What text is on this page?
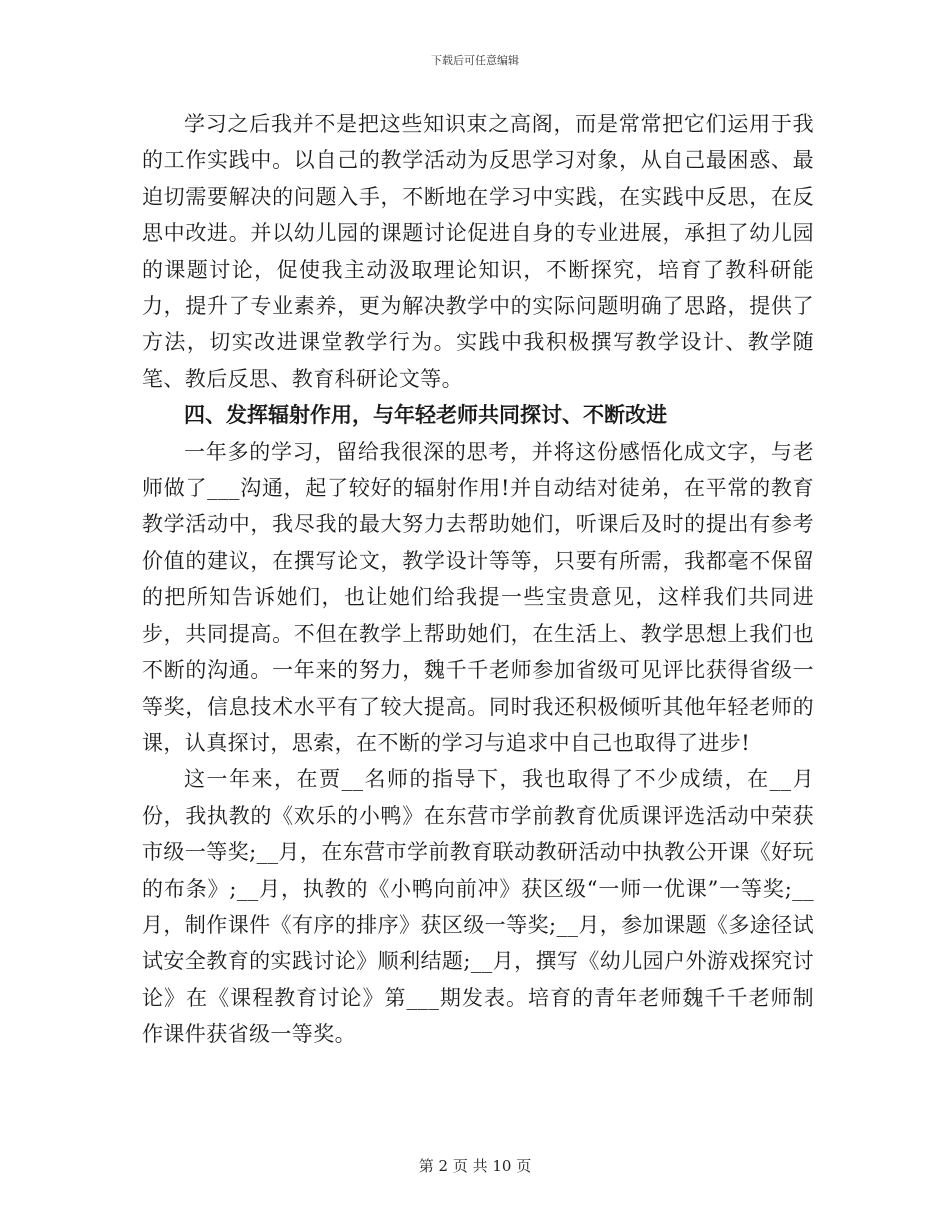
下载后可任意编辑

学习之后我并不是把这些知识束之高阁，而是常常把它们运用于我的工作实践中。以自己的教学活动为反思学习对象，从自己最困惑、最迫切需要解决的问题入手，不断地在学习中实践，在实践中反思，在反思中改进。并以幼儿园的课题讨论促进自身的专业进展，承担了幼儿园的课题讨论，促使我主动汲取理论知识，不断探究，培育了教科研能力，提升了专业素养，更为解决教学中的实际问题明确了思路，提供了方法，切实改进课堂教学行为。实践中我积极撰写教学设计、教学随笔、教后反思、教育科研论文等。

四、发挥辐射作用，与年轻老师共同探讨、不断改进

一年多的学习，留给我很深的思考，并将这份感悟化成文字，与老师做了___沟通，起了较好的辐射作用!并自动结对徒弟，在平常的教育教学活动中，我尽我的最大努力去帮助她们，听课后及时的提出有参考价值的建议，在撰写论文，教学设计等等，只要有所需，我都毫不保留的把所知告诉她们，也让她们给我提一些宝贵意见，这样我们共同进步，共同提高。不但在教学上帮助她们，在生活上、教学思想上我们也不断的沟通。一年来的努力，魏千千老师参加省级可见评比获得省级一等奖，信息技术水平有了较大提高。同时我还积极倾听其他年轻老师的课，认真探讨，思索，在不断的学习与追求中自己也取得了进步!

这一年来，在贾__名师的指导下，我也取得了不少成绩，在__月份，我执教的《欢乐的小鸭》在东营市学前教育优质课评选活动中荣获市级一等奖;__月，在东营市学前教育联动教研活动中执教公开课《好玩的布条》;__月，执教的《小鸭向前冲》获区级“一师一优课”一等奖;__月，制作课件《有序的排序》获区级一等奖;__月，参加课题《多途径试试安全教育的实践讨论》顺利结题;__月，撰写《幼儿园户外游戏探究讨论》在《课程教育讨论》第___期发表。培育的青年老师魏千千老师制作课件获省级一等奖。

第 2 页 共 10 页
